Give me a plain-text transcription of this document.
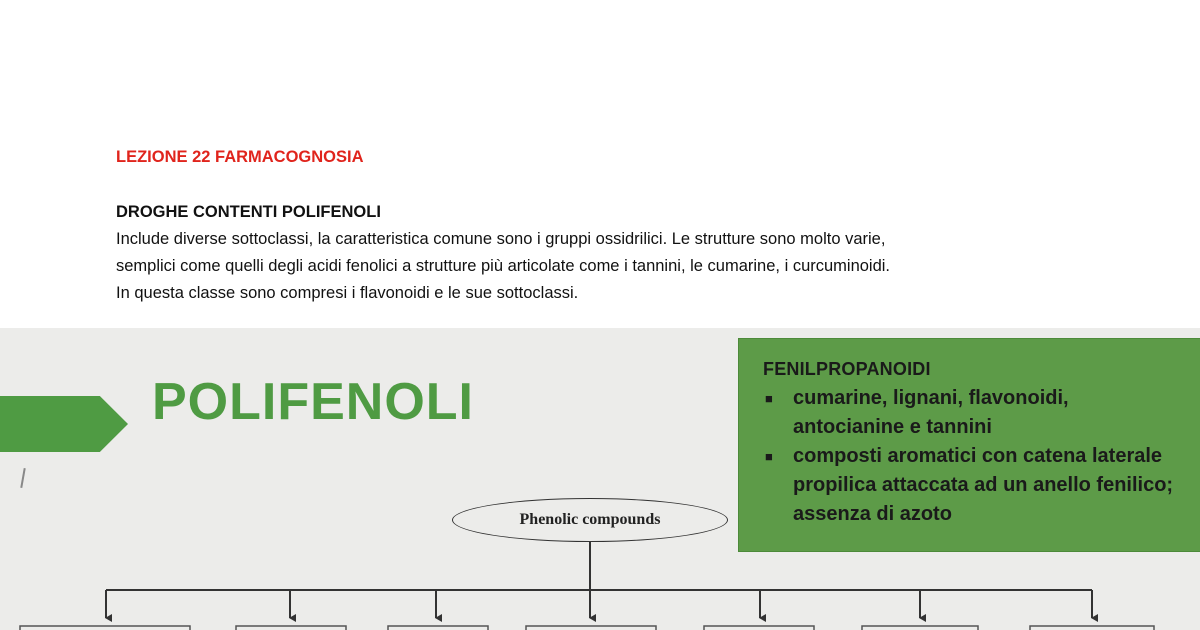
LEZIONE 22 FARMACOGNOSIA
DROGHE CONTENTI POLIFENOLI
Include diverse sottoclassi, la caratteristica comune sono i gruppi ossidrilici. Le strutture sono molto varie,
semplici come quelli degli acidi fenolici a strutture più articolate come i tannini, le cumarine, i curcuminoidi.
In questa classe sono compresi i flavonoidi e le sue sottoclassi.
POLIFENOLI
FENILPROPANOIDI
■ cumarine, lignani, flavonoidi,
antocianine e tannini
■ composti aromatici con catena laterale
propilica attaccata ad un anello fenilico;
assenza di azoto
Phenolic compounds
